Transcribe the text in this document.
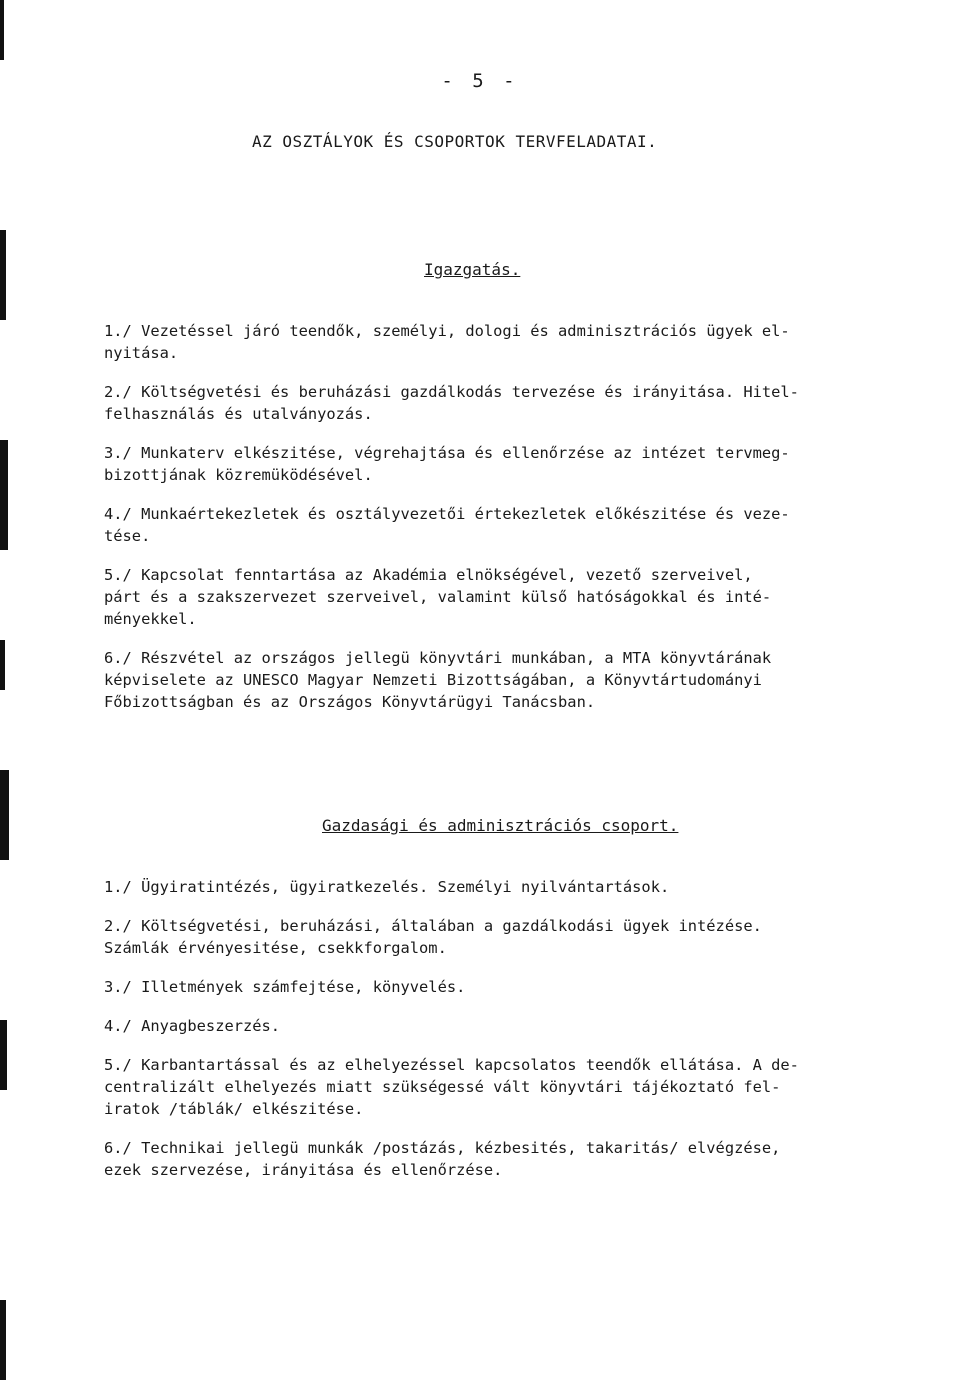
- 5 -
AZ OSZTÁLYOK ÉS CSOPORTOK TERVFELADATAI.
Igazgatás.
1./ Vezetéssel járó teendők, személyi, dologi és adminisztrációs ügyek el-
nyitása.
2./ Költségvetési és beruházási gazdálkodás tervezése és irányitása. Hitel-
felhasználás és utalványozás.
3./ Munkaterv elkészitése, végrehajtása és ellenőrzése az intézet tervmeg-
bizottjának közremüködésével.
4./ Munkaértekezletek és osztályvezetői értekezletek előkészitése és veze-
tése.
5./ Kapcsolat fenntartása az Akadémia elnökségével, vezető szerveivel,
párt és a szakszervezet szerveivel, valamint külső hatóságokkal és inté-
ményekkel.
6./ Részvétel az országos jellegü könyvtári munkában, a MTA könyvtárának
képviselete az UNESCO Magyar Nemzeti Bizottságában, a Könyvtártudományi
Főbizottságban és az Országos Könyvtárügyi Tanácsban.
Gazdasági és adminisztrációs csoport.
1./ Ügyiratintézés, ügyiratkezelés. Személyi nyilvántartások.
2./ Költségvetési, beruházási, általában a gazdálkodási ügyek intézése.
Számlák érvényesitése, csekkforgalom.
3./ Illetmények számfejtése, könyvelés.
4./ Anyagbeszerzés.
5./ Karbantartással és az elhelyezéssel kapcsolatos teendők ellátása. A de-
centralizált elhelyezés miatt szükségessé vált könyvtári tájékoztató fel-
iratok /táblák/ elkészitése.
6./ Technikai jellegü munkák /postázás, kézbesités, takaritás/ elvégzése,
ezek szervezése, irányitása és ellenőrzése.
